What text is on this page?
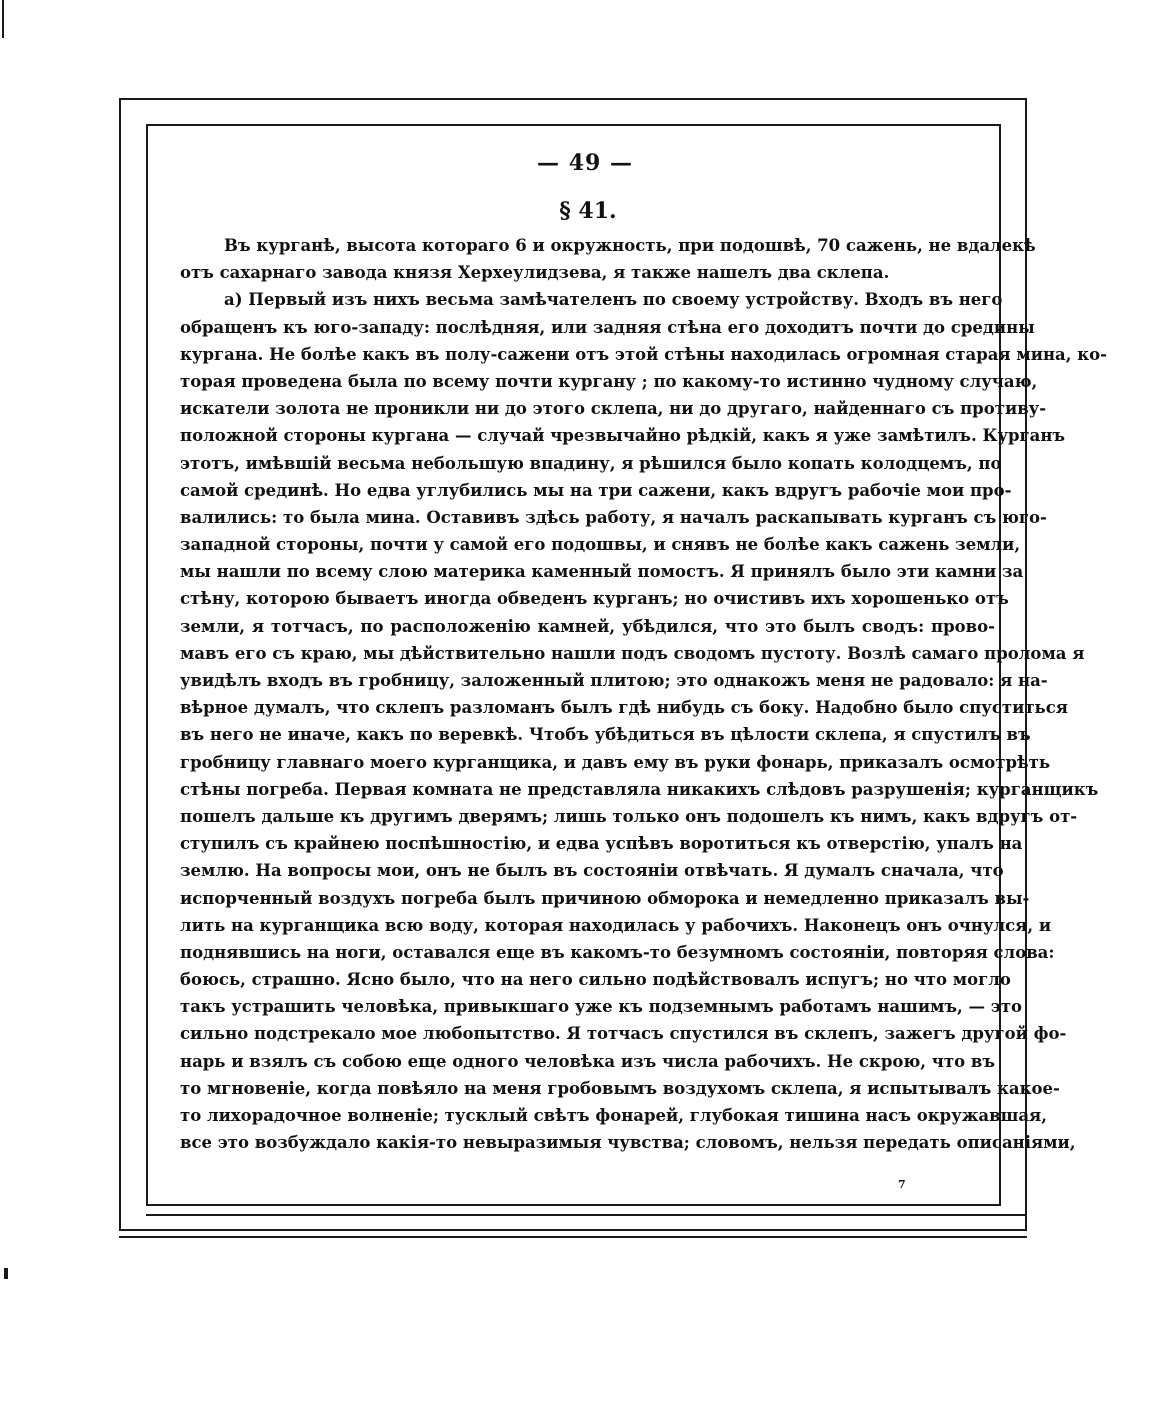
— 49 —
§ 41.
Въ курганѣ, высота котораго 6 и окружность, при подошвѣ, 70 сажень, не вдалекѣ
отъ сахарнаго завода князя Херхеулидзева, я также нашелъ два склепа.
а) Первый изъ нихъ весьма замѣчателенъ по своему устройству. Входъ въ него
обращенъ къ юго-западу: послѣдняя, или задняя стѣна его доходитъ почти до средины
кургана. Не болѣе какъ въ полу-сажени отъ этой стѣны находилась огромная старая мина, ко-
торая проведена была по всему почти кургану ; по какому-то истинно чудному случаю,
искатели золота не проникли ни до этого склепа, ни до другаго, найденнаго съ противу-
положной стороны кургана — случай чрезвычайно рѣдкій, какъ я уже замѣтилъ. Курганъ
этотъ, имѣвшій весьма небольшую впадину, я рѣшился было копать колодцемъ, по
самой срединѣ. Но едва углубились мы на три сажени, какъ вдругъ рабочіе мои про-
валились: то была мина. Оставивъ здѣсь работу, я началъ раскапывать курганъ съ юго-
западной стороны, почти у самой его подошвы, и снявъ не болѣе какъ сажень земли,
мы нашли по всему слою материка каменный помостъ. Я принялъ было эти камни за
стѣну, которою бываетъ иногда обведенъ курганъ; но очистивъ ихъ хорошенько отъ
земли, я тотчасъ, по расположенію камней, убѣдился, что это былъ сводъ: прово-
мавъ его съ краю, мы дѣйствительно нашли подъ сводомъ пустоту. Возлѣ самаго пролома я
увидѣлъ входъ въ гробницу, заложенный плитою; это однакожъ меня не радовало: я на-
вѣрное думалъ, что склепъ разломанъ былъ гдѣ нибудь съ боку. Надобно было спуститься
въ него не иначе, какъ по веревкѣ. Чтобъ убѣдиться въ цѣлости склепа, я спустилъ въ
гробницу главнаго моего курганщика, и давъ ему въ руки фонарь, приказалъ осмотрѣть
стѣны погреба. Первая комната не представляла никакихъ слѣдовъ разрушенія; курганщикъ
пошелъ дальше къ другимъ дверямъ; лишь только онъ подошелъ къ нимъ, какъ вдругъ от-
ступилъ съ крайнею поспѣшностію, и едва успѣвъ воротиться къ отверстію, упалъ на
землю. На вопросы мои, онъ не былъ въ состояніи отвѣчать. Я думалъ сначала, что
испорченный воздухъ погреба былъ причиною обморока и немедленно приказалъ вы-
лить на курганщика всю воду, которая находилась у рабочихъ. Наконецъ онъ очнулся, и
поднявшись на ноги, оставался еще въ какомъ-то безумномъ состояніи, повторяя слова:
боюсь, страшно. Ясно было, что на него сильно подѣйствовалъ испугъ; но что могло
такъ устрашить человѣка, привыкшаго уже къ подземнымъ работамъ нашимъ, — это
сильно подстрекало мое любопытство. Я тотчасъ спустился въ склепъ, зажегъ другой фо-
нарь и взялъ съ собою еще одного человѣка изъ числа рабочихъ. Не скрою, что въ
то мгновеніе, когда повѣяло на меня гробовымъ воздухомъ склепа, я испытывалъ какое-
то лихорадочное волненіе; тусклый свѣтъ фонарей, глубокая тишина насъ окружавшая,
все это возбуждало какія-то невыразимыя чувства; словомъ, нельзя передать описаніями,
7
